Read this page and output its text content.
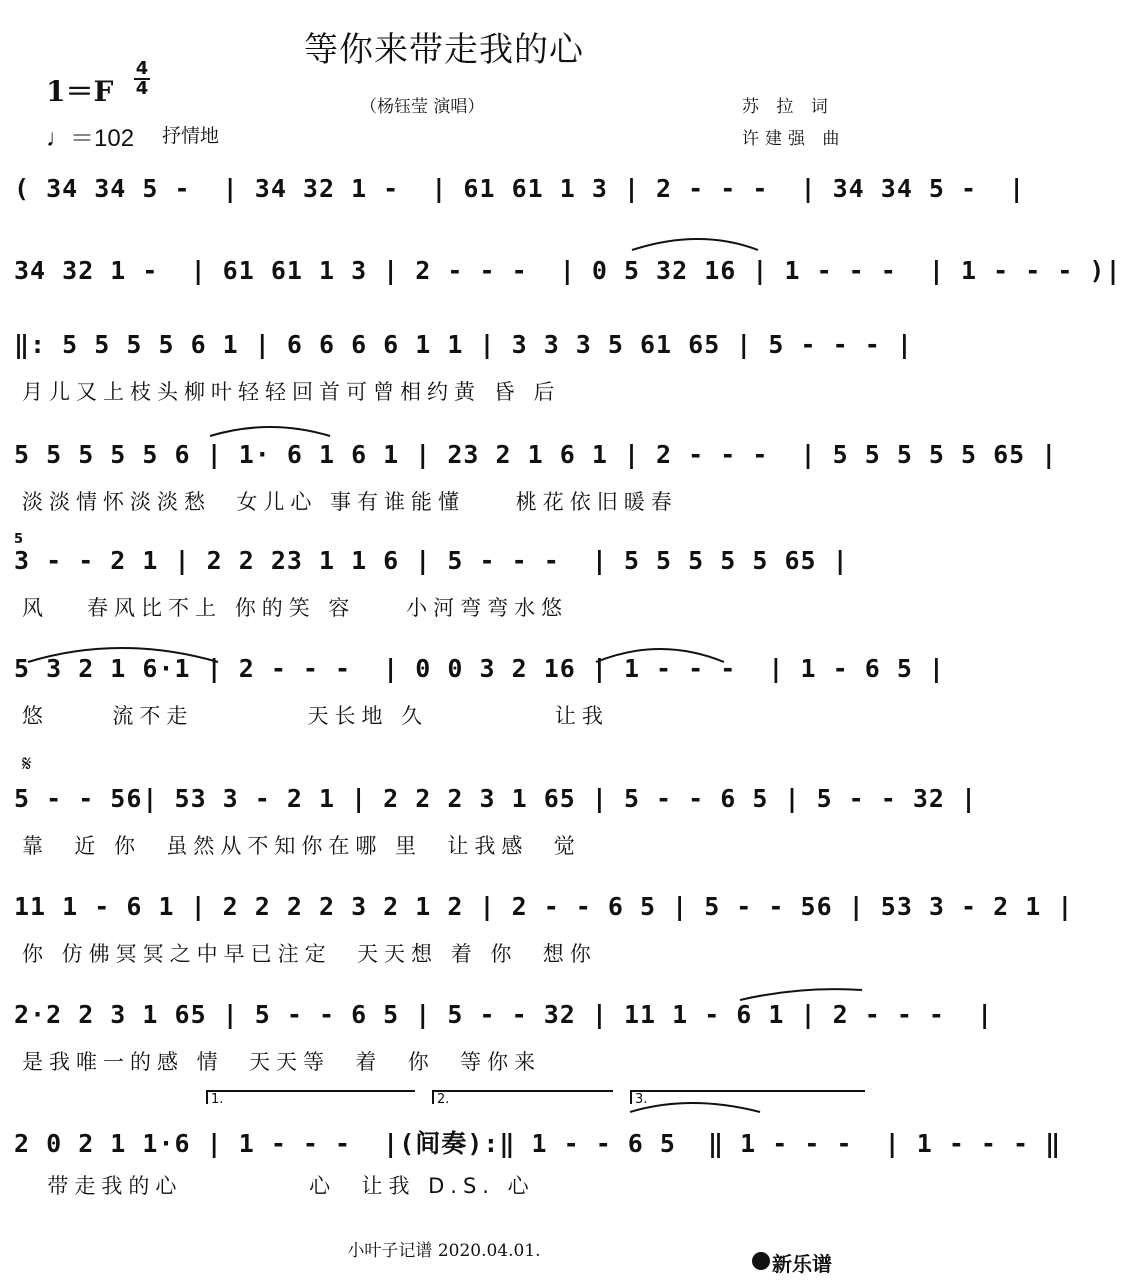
等你来带走我的心
（杨钰莹 演唱）
1＝F
4
4
♩＝102 抒情地
苏 拉 词
许建强 曲
( 34 34 5 -  | 34 32 1 -  | 61 61 1 3 | 2 - - -  | 34 34 5 -  |
34 32 1 -  | 61 61 1 3 | 2 - - -  | 0 5 32 16 | 1 - - -  | 1 - - - )|
‖: 5 5 5 5 6 1 | 6 6 6 6 1 1 | 3 3 3 5 61 65 | 5 - - - |
月儿又上枝头柳叶轻轻回首可曾相约黄 昏 后
5 5 5 5 5 6 | 1· 6 1 6 1 | 23 2 1 6 1 | 2 - - -  | 5 5 5 5 5 65 |
淡淡情怀淡淡愁  女儿心 事有谁能懂    桃花依旧暖春
5
3 - - 2 1 | 2 2 23 1 1 6 | 5 - - -  | 5 5 5 5 5 65 |
风   春风比不上 你的笑 容    小河弯弯水悠
5 3 2 1 6·1 | 2 - - -  | 0 0 3 2 16 | 1 - - -  | 1 - 6 5 |
悠     流不走         天长地 久          让我
𝄋
5 - - 56| 53 3 - 2 1 | 2 2 2 3 1 65 | 5 - - 6 5 | 5 - - 32 |
靠  近 你  虽然从不知你在哪 里  让我感  觉
11 1 - 6 1 | 2 2 2 2 3 2 1 2 | 2 - - 6 5 | 5 - - 56 | 53 3 - 2 1 |
你 仿佛冥冥之中早已注定  天天想 着 你  想你
2·2 2 3 1 65 | 5 - - 6 5 | 5 - - 32 | 11 1 - 6 1 | 2 - - -  |
是我唯一的感 情  天天等  着  你  等你来
1.	2.	3.
2 0 2 1 1·6 | 1 - - -  |(间奏):‖ 1 - - 6 5  ‖ 1 - - -  | 1 - - - ‖
带走我的心          心  让我 D.S. 心
新乐谱
小叶子记谱 2020.04.01.
